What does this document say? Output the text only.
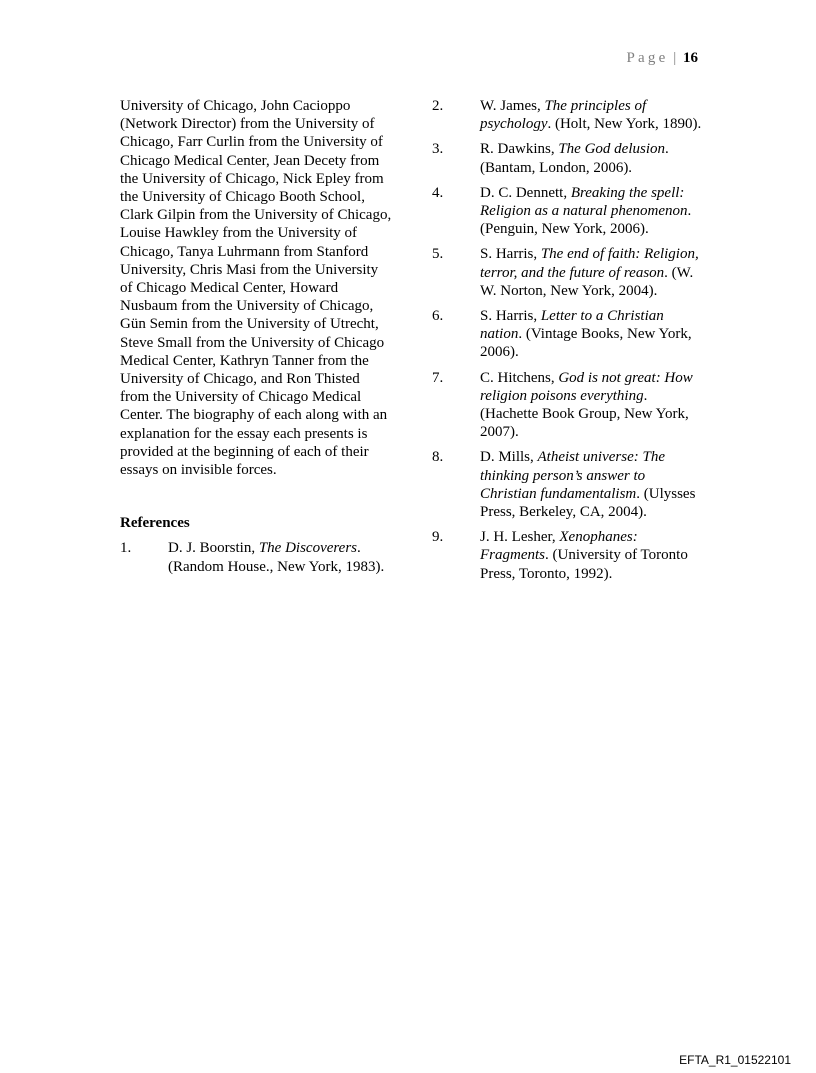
Page | 16

University of Chicago, John Cacioppo (Network Director) from the University of Chicago, Farr Curlin from the University of Chicago Medical Center, Jean Decety from the University of Chicago, Nick Epley from the University of Chicago Booth School, Clark Gilpin from the University of Chicago, Louise Hawkley from the University of Chicago, Tanya Luhrmann from Stanford University, Chris Masi from the University of Chicago Medical Center, Howard Nusbaum from the University of Chicago, Gün Semin from the University of Utrecht, Steve Small from the University of Chicago Medical Center, Kathryn Tanner from the University of Chicago, and Ron Thisted from the University of Chicago Medical Center. The biography of each along with an explanation for the essay each presents is provided at the beginning of each of their essays on invisible forces.

References
1. D. J. Boorstin, The Discoverers. (Random House., New York, 1983).
2. W. James, The principles of psychology. (Holt, New York, 1890).
3. R. Dawkins, The God delusion. (Bantam, London, 2006).
4. D. C. Dennett, Breaking the spell: Religion as a natural phenomenon. (Penguin, New York, 2006).
5. S. Harris, The end of faith: Religion, terror, and the future of reason. (W. W. Norton, New York, 2004).
6. S. Harris, Letter to a Christian nation. (Vintage Books, New York, 2006).
7. C. Hitchens, God is not great: How religion poisons everything. (Hachette Book Group, New York, 2007).
8. D. Mills, Atheist universe: The thinking person’s answer to Christian fundamentalism. (Ulysses Press, Berkeley, CA, 2004).
9. J. H. Lesher, Xenophanes: Fragments. (University of Toronto Press, Toronto, 1992).
EFTA_R1_01522101
